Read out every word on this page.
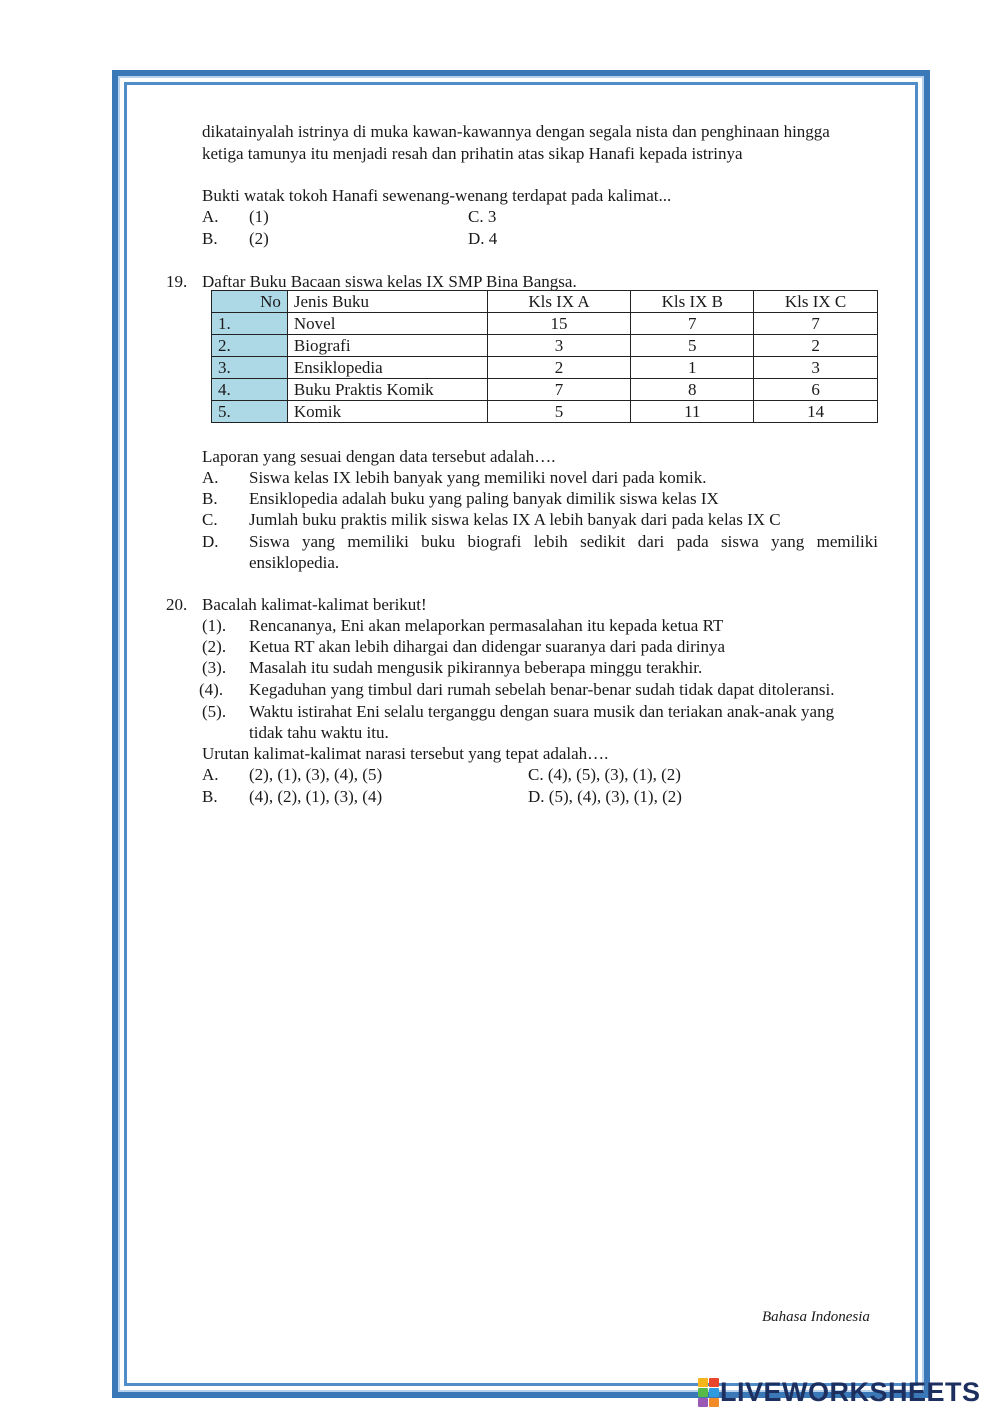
dikatainyalah istrinya di muka kawan-kawannya dengan segala nista dan penghinaan hingga
ketiga tamunya itu menjadi resah dan prihatin atas sikap Hanafi kepada istrinya
Bukti watak tokoh Hanafi sewenang-wenang terdapat pada kalimat...
A. (1)
B. (2)
C. 3
D. 4
19. Daftar Buku Bacaan siswa kelas IX SMP Bina Bangsa.
No	Jenis Buku	Kls IX A	Kls IX B	Kls IX C
1.	Novel	15	7	7
2.	Biografi	3	5	2
3.	Ensiklopedia	2	1	3
4.	Buku Praktis Komik	7	8	6
5.	Komik	5	11	14
Laporan yang sesuai dengan data tersebut adalah….
A. Siswa kelas IX lebih banyak yang memiliki novel dari pada komik.
B. Ensiklopedia adalah buku yang paling banyak dimilik siswa kelas IX
C. Jumlah buku praktis milik siswa kelas IX A lebih banyak dari pada kelas IX C
D. Siswa yang memiliki buku biografi lebih sedikit dari pada siswa yang memiliki
ensiklopedia.
20. Bacalah kalimat-kalimat berikut!
(1). Rencananya, Eni akan melaporkan permasalahan itu kepada ketua RT
(2). Ketua RT akan lebih dihargai dan didengar suaranya dari pada dirinya
(3). Masalah itu sudah mengusik pikirannya beberapa minggu terakhir.
(4). Kegaduhan yang timbul dari rumah sebelah benar-benar sudah tidak dapat ditoleransi.
(5). Waktu istirahat Eni selalu terganggu dengan suara musik dan teriakan anak-anak yang
tidak tahu waktu itu.
Urutan kalimat-kalimat narasi tersebut yang tepat adalah….
A. (2), (1), (3), (4), (5)
B. (4), (2), (1), (3), (4)
C. (4), (5), (3), (1), (2)
D. (5), (4), (3), (1), (2)
Bahasa Indonesia
LIVEWORKSHEETS
